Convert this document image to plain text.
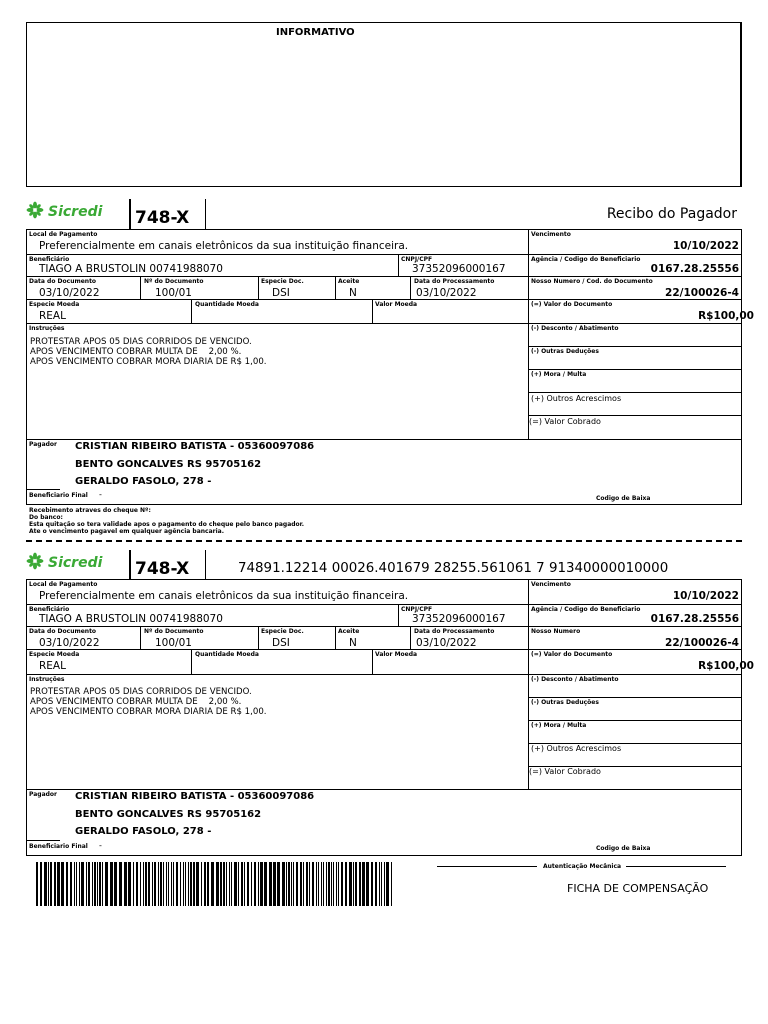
INFORMATIVO
Sicredi 748-X	Recibo do Pagador
Local de Pagamento
Preferencialmente em canais eletrônicos da sua instituição financeira.
Vencimento
10/10/2022
Beneficiário
TIAGO A BRUSTOLIN 00741988070
CNPJ/CPF
37352096000167
Agência / Codigo do Beneficiario
0167.28.25556
Data do Documento
03/10/2022
Nº do Documento
100/01
Especie Doc.
DSI
Aceite
N
Data do Processamento
03/10/2022
Nosso Numero / Cod. do Documento
22/100026-4
Especie Moeda
REAL
Quantidade Moeda	Valor Moeda	(=) Valor do Documento
R$100,00
Instruções
PROTESTAR APOS 05 DIAS CORRIDOS DE VENCIDO.
APOS VENCIMENTO COBRAR MULTA DE    2,00 %.
APOS VENCIMENTO COBRAR MORA DIARIA DE R$ 1,00.
(-) Desconto / Abatimento
(-) Outras Deduções
(+) Mora / Multa
(+) Outros Acrescimos
(=) Valor Cobrado
Pagador CRISTIAN RIBEIRO BATISTA - 05360097086
BENTO GONCALVES RS 95705162
GERALDO FASOLO, 278 -
Beneficiario Final -	Codigo de Baixa
Recebimento atraves do cheque Nº:
Do banco:
Esta quitação so tera validade apos o pagamento do cheque pelo banco pagador.
Ate o vencimento pagavel em qualquer agência bancaria.
Sicredi 748-X	74891.12214 00026.401679 28255.561061 7 91340000010000
Local de Pagamento
Preferencialmente em canais eletrônicos da sua instituição financeira.
Vencimento
10/10/2022
Beneficiário
TIAGO A BRUSTOLIN 00741988070
CNPJ/CPF
37352096000167
Agência / Codigo do Beneficiario
0167.28.25556
Data do Documento
03/10/2022
Nº do Documento
100/01
Especie Doc.
DSI
Aceite
N
Data do Processamento
03/10/2022
Nosso Numero
22/100026-4
Especie Moeda
REAL
Quantidade Moeda	Valor Moeda	(=) Valor do Documento
R$100,00
Instruções
PROTESTAR APOS 05 DIAS CORRIDOS DE VENCIDO.
APOS VENCIMENTO COBRAR MULTA DE    2,00 %.
APOS VENCIMENTO COBRAR MORA DIARIA DE R$ 1,00.
(-) Desconto / Abatimento
(-) Outras Deduções
(+) Mora / Multa
(+) Outros Acrescimos
(=) Valor Cobrado
Pagador CRISTIAN RIBEIRO BATISTA - 05360097086
BENTO GONCALVES RS 95705162
GERALDO FASOLO, 278 -
Beneficiario Final -	Codigo de Baixa
Autenticação Mecânica
FICHA DE COMPENSAÇÃO
